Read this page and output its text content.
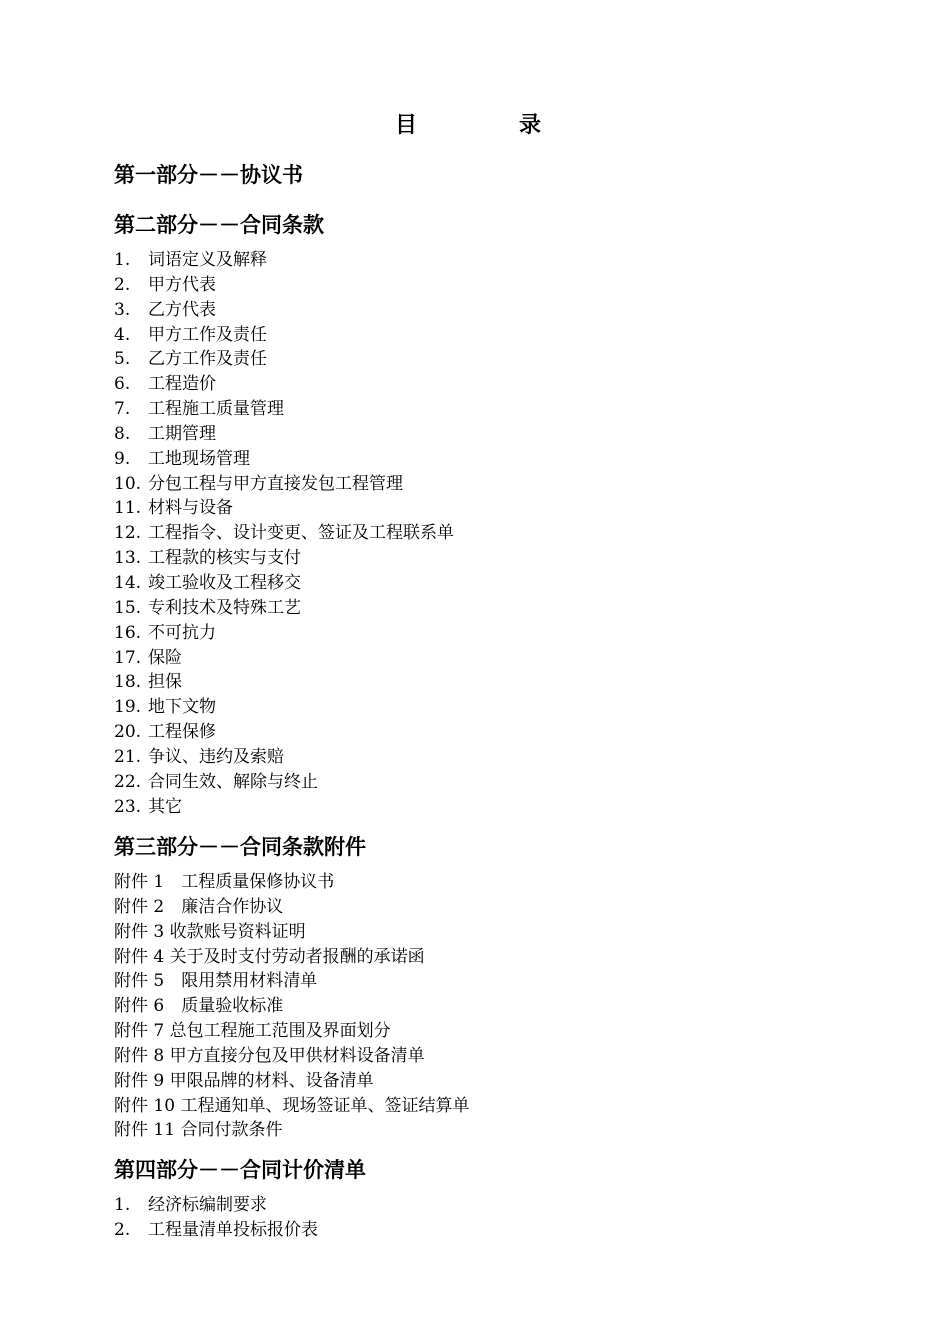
目　录
第一部分－－协议书
第二部分－－合同条款
1. 词语定义及解释
2. 甲方代表
3. 乙方代表
4. 甲方工作及责任
5. 乙方工作及责任
6. 工程造价
7. 工程施工质量管理
8. 工期管理
9. 工地现场管理
10. 分包工程与甲方直接发包工程管理
11. 材料与设备
12. 工程指令、设计变更、签证及工程联系单
13. 工程款的核实与支付
14. 竣工验收及工程移交
15. 专利技术及特殊工艺
16. 不可抗力
17. 保险
18. 担保
19. 地下文物
20. 工程保修
21. 争议、违约及索赔
22. 合同生效、解除与终止
23. 其它
第三部分－－合同条款附件
附件 1　工程质量保修协议书
附件 2　廉洁合作协议
附件 3 收款账号资料证明
附件 4 关于及时支付劳动者报酬的承诺函
附件 5　限用禁用材料清单
附件 6　质量验收标准
附件 7 总包工程施工范围及界面划分
附件 8 甲方直接分包及甲供材料设备清单
附件 9 甲限品牌的材料、设备清单
附件 10 工程通知单、现场签证单、签证结算单
附件 11 合同付款条件
第四部分－－合同计价清单
1. 经济标编制要求
2. 工程量清单投标报价表
